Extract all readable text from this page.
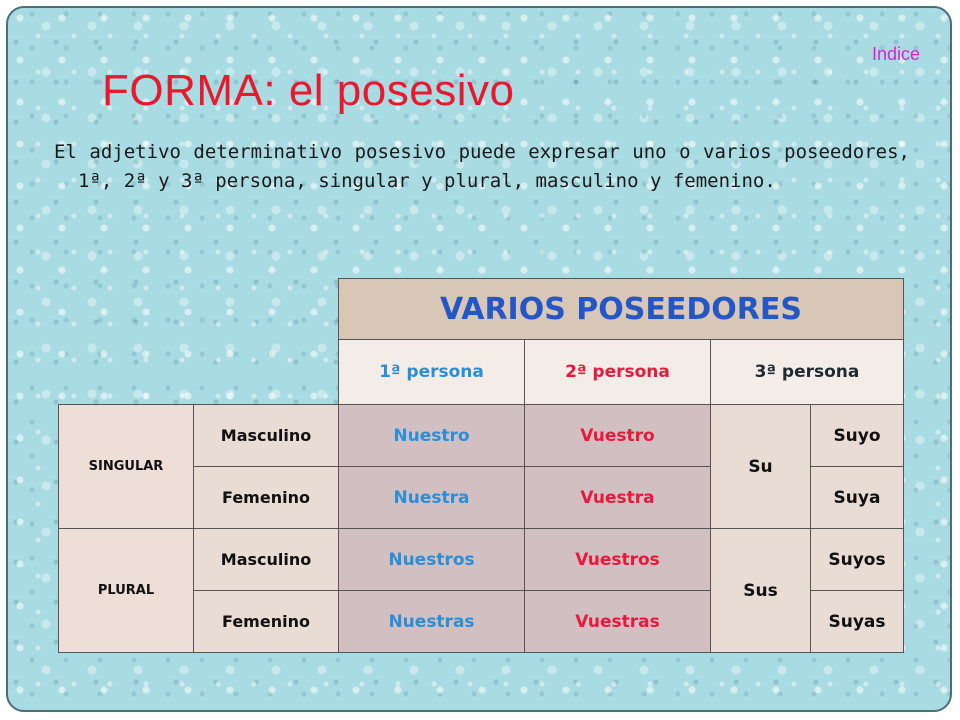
Indice
FORMA: el posesivo

El adjetivo determinativo posesivo puede expresar uno o varios poseedores, 1ª, 2ª y 3ª persona, singular y plural, masculino y femenino.

		VARIOS POSEEDORES			
		1ª persona	2ª persona	3ª persona	
SINGULAR	Masculino	Nuestro	Vuestro	Su	Suyo
	Femenino	Nuestra	Vuestra		Suya
PLURAL	Masculino	Nuestros	Vuestros	Sus	Suyos
	Femenino	Nuestras	Vuestras		Suyas
